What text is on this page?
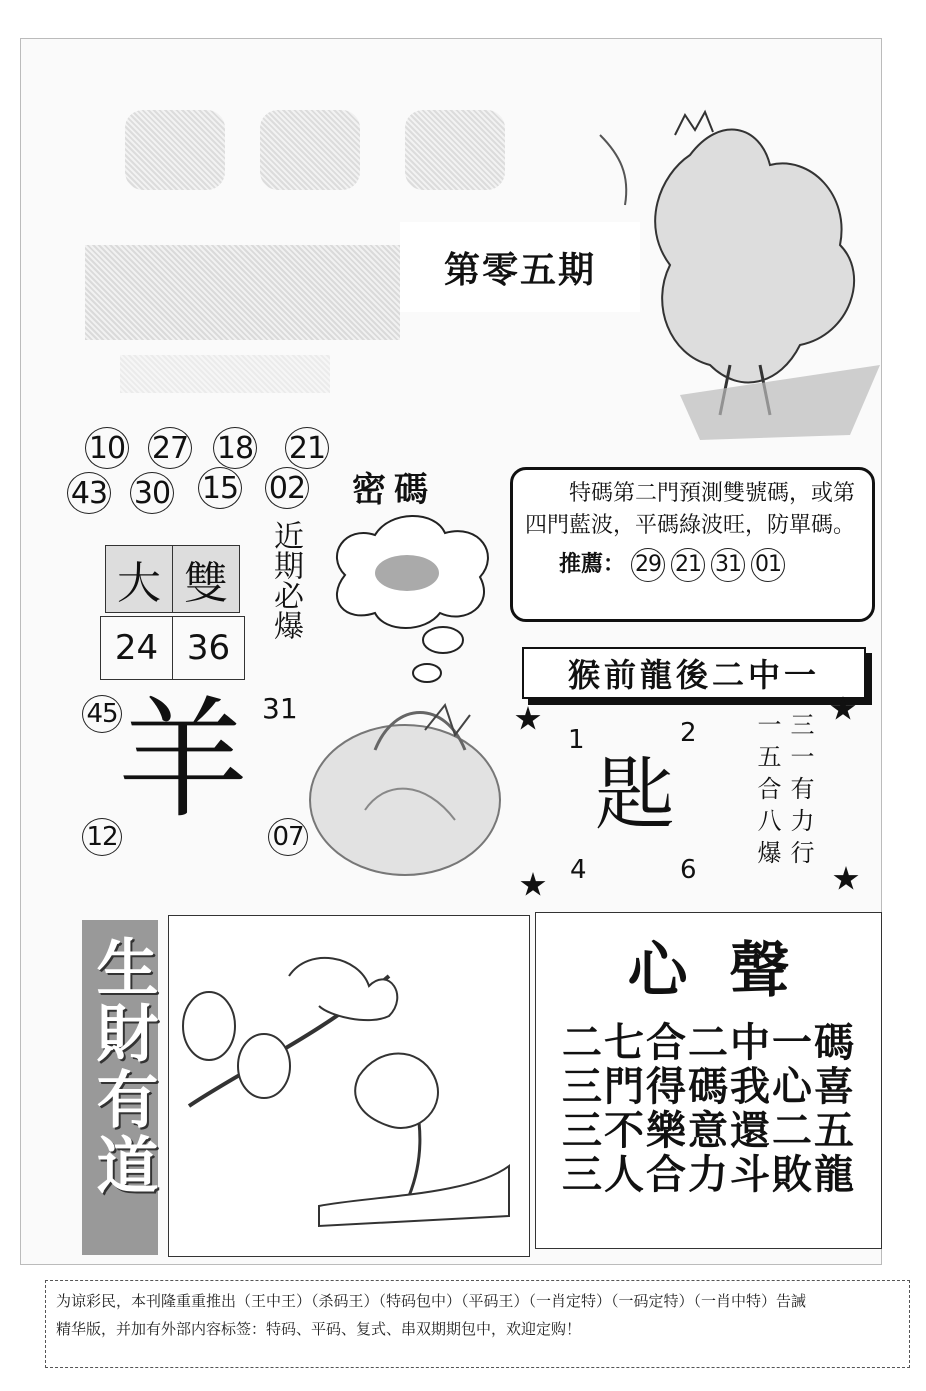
第零五期
10 27 18 21
43 30 15 02 密碼
近期必爆
大 雙
24 36
羊
45	31
12	07
特碼第二門預測雙號碼，或第四門藍波，平碼綠波旺，防單碼。
推薦： 29 21 31 01
猴前龍後二中一
1	2
4	6
匙	三一有力行
一五合八爆
生財有道	心  聲
二七合二中一碼
三門得碼我心喜
三不樂意還二五
三人合力斗敗龍
为谅彩民，本刊隆重重推出（王中王）（杀码王）（特码包中）（平码王）（一肖定特）（一码定特）（一肖中特）告誡
精华版，并加有外部内容标签：特码、平码、复式、串双期期包中，欢迎定购！
